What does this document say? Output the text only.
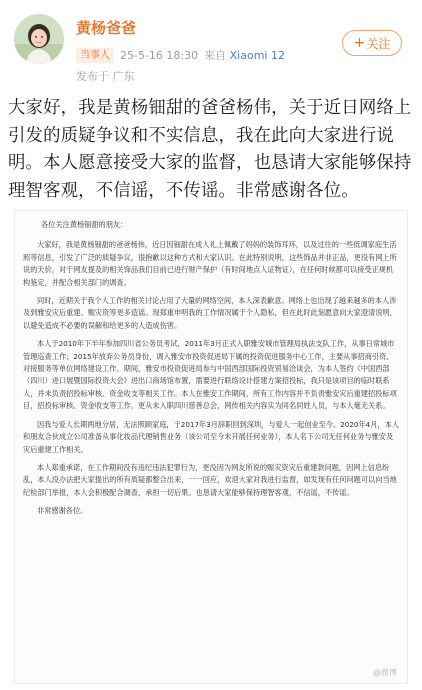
黄杨爸爸
当事人 25-5-16 18:30 来自 Xiaomi 12
发布于 广东
+ 关注
大家好，我是黄杨钿甜的爸爸杨伟，关于近日网络上引发的质疑争议和不实信息，我在此向大家进行说明。本人愿意接受大家的监督，也恳请大家能够保持理智客观，不信谣，不传谣。非常感谢各位。

各位关注黄杨钿甜的朋友：

大家好，我是黄杨钿甜的爸爸杨伟，近日因钿甜在成人礼上佩戴了妈妈的装饰耳环，以及过往的一些低调家庭生活照等信息，引发了广泛的质疑争议，很抱歉以这种方式和大家认识。在此特别说明，这些饰品并非正品，更没有网上所说的天价，对于网友提及的相关饰品我们目前已进行财产保护（有时间地点人证物证），在任何时候都可以接受正规机构鉴定，并配合相关部门的调查。

同时，近期关于我个人工作的相关讨论占用了大量的网络空间，本人深表歉意。网络上也出现了越来越多的本人涉及到雅安灾后重建、赈灾资等更多造谣。现郑重申明我的工作情况属于个人隐私，但在此时此刻愿意向大家澄清说明，以避免造成不必要的误解和给更多的人造成伤害。

本人于2010年下半年参加四川省公务员考试，2011年3月正式入职雅安城市管理局执法支队工作，从事日常城市管理巡查工作；2015年放弃公务员身份，调入雅安市投资促进局下属的投资促进服务中心工作，主要从事招商引资、对接服务等单位网络建设工作。期间，雅安市投资促进局参与中国西部国际投资贸易洽谈会，为本人签约《中国西部（四川）进口展暨国际投资大会》进出口商场馆布置，需要进行联络设计搭建方案招投标，我只是该项目的临时联系人，并未负责招投标审核、资金收支等相关工作。本人在雅安工作期间，所有工作内容并不负责雅安灾后重建招投标项目，招投标审核、资金收支等工作，更从未入职四川慈善总会，网传相关内容实为同名同姓人员，与本人毫无关系。

因我与爱人长期两地分居，无法照顾家庭，于2017年3月辞职回到深圳，与爱人一起创业至今。2020年4月，本人和朋友合伙成立公司准备从事化妆品代理销售业务（该公司至今未开展任何业务），本人名下公司无任何业务与雅安及灾后重建工作相关。

本人郑重承诺，在工作期间没有违纪违法犯罪行为，更没因为网友所说的赈灾资灾后重建款问题，因网上信息纷乱，本人没办法把大家提出的所有质疑都整合出来，一一回应，欢迎大家对我进行监督，如发现有任何问题可以向当地纪检部门举报，本人会积极配合调查，承担一切后果。也恳请大家能够保持理智客观，不信谣，不传谣。

非常感谢各位。

@微博
